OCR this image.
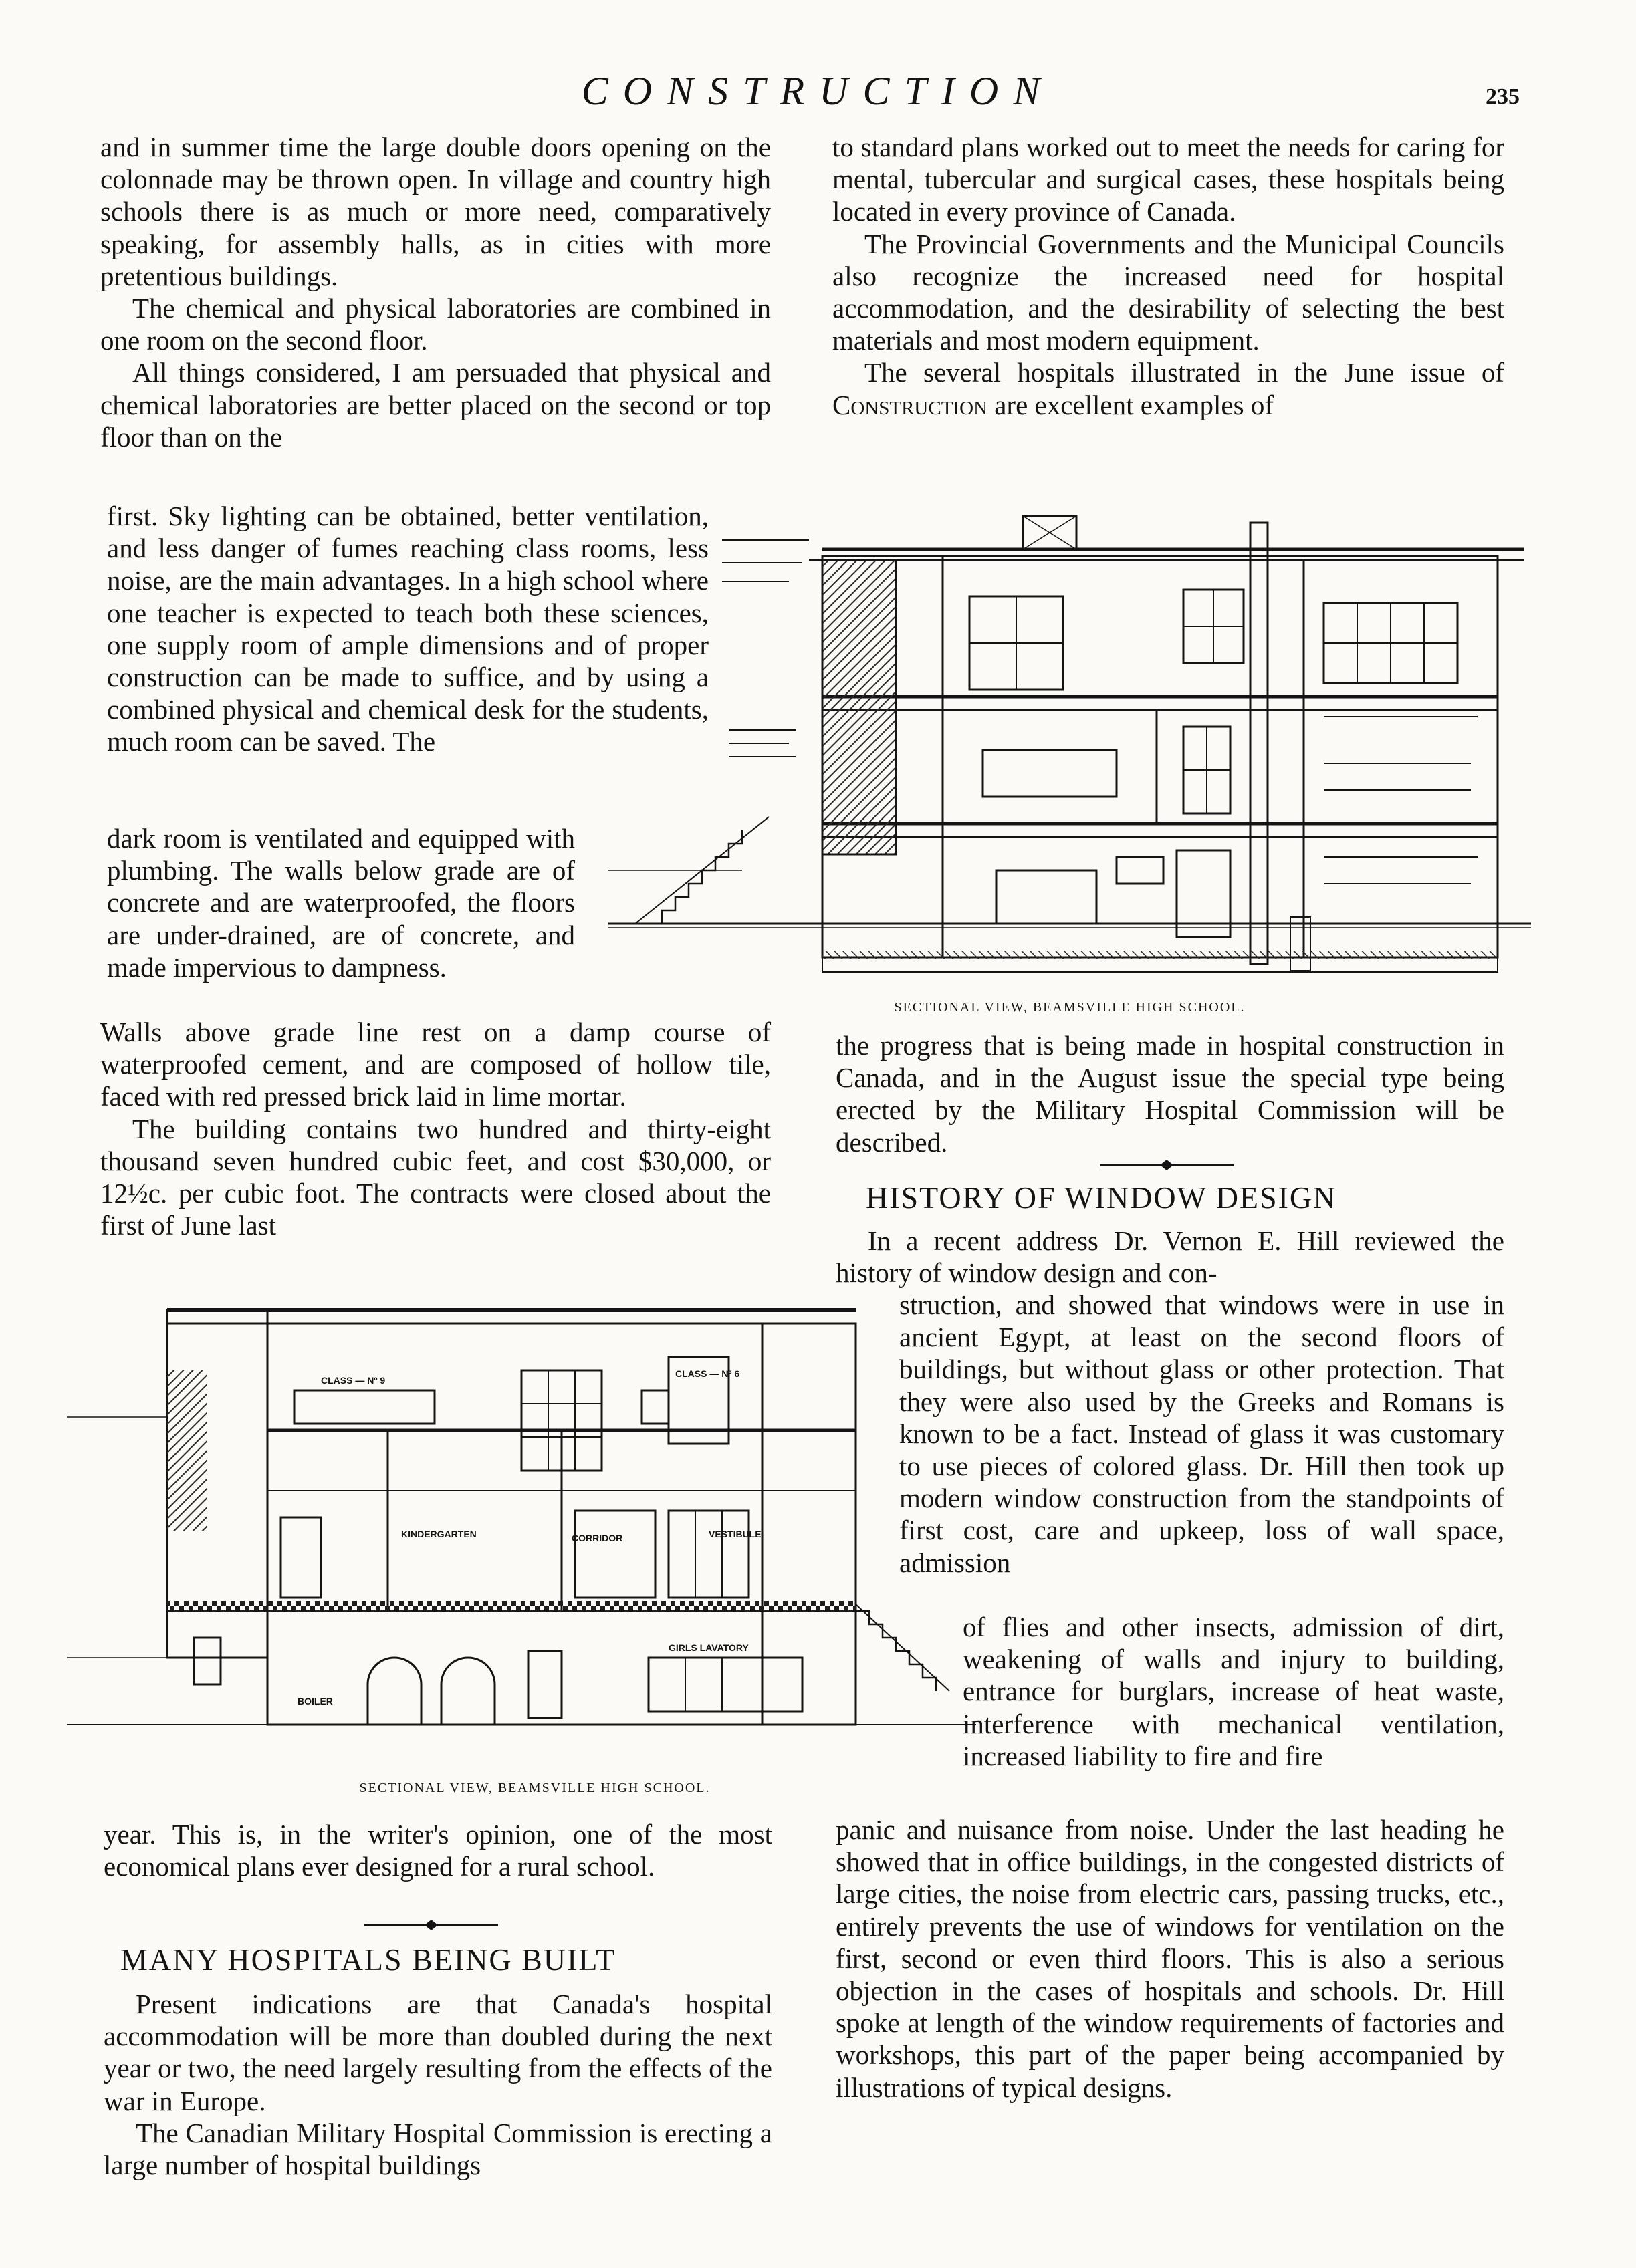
CONSTRUCTION	235

and in summer time the large double doors opening on the colonnade may be thrown open. In village and country high schools there is as much or more need, comparatively speaking, for assembly halls, as in cities with more pretentious buildings.

The chemical and physical laboratories are combined in one room on the second floor.

All things considered, I am persuaded that physical and chemical laboratories are better placed on the second or top floor than on the

first. Sky lighting can be obtained, better ventilation, and less danger of fumes reaching class rooms, less noise, are the main advantages. In a high school where one teacher is expected to teach both these sciences, one supply room of ample dimensions and of proper construction can be made to suffice, and by using a combined physical and chemical desk for the students, much room can be saved. The

dark room is ventilated and equipped with plumbing. The walls below grade are of concrete and are waterproofed, the floors are under-drained, are of concrete, and made impervious to dampness.

Walls above grade line rest on a damp course of waterproofed cement, and are composed of hollow tile, faced with red pressed brick laid in lime mortar.

The building contains two hundred and thirty-eight thousand seven hundred cubic feet, and cost $30,000, or 12½c. per cubic foot. The contracts were closed about the first of June last

SECTIONAL VIEW, BEAMSVILLE HIGH SCHOOL.
CLASS — Nº 9
CLASS — Nº 6
KINDERGARTEN	CORRIDOR	VESTIBULE
BOILER
GIRLS LAVATORY
SECTIONAL VIEW, BEAMSVILLE HIGH SCHOOL.

year. This is, in the writer's opinion, one of the most economical plans ever designed for a rural school.

MANY HOSPITALS BEING BUILT

Present indications are that Canada's hospital accommodation will be more than doubled during the next year or two, the need largely resulting from the effects of the war in Europe.

The Canadian Military Hospital Commission is erecting a large number of hospital buildings

to standard plans worked out to meet the needs for caring for mental, tubercular and surgical cases, these hospitals being located in every province of Canada.

The Provincial Governments and the Municipal Councils also recognize the increased need for hospital accommodation, and the desirability of selecting the best materials and most modern equipment.

The several hospitals illustrated in the June issue of Construction are excellent examples of

the progress that is being made in hospital construction in Canada, and in the August issue the special type being erected by the Military Hospital Commission will be described.

HISTORY OF WINDOW DESIGN

In a recent address Dr. Vernon E. Hill reviewed the history of window design and con-

struction, and showed that windows were in use in ancient Egypt, at least on the second floors of buildings, but without glass or other protection. That they were also used by the Greeks and Romans is known to be a fact. Instead of glass it was customary to use pieces of colored glass. Dr. Hill then took up modern window construction from the standpoints of first cost, care and upkeep, loss of wall space, admission

of flies and other insects, admission of dirt, weakening of walls and injury to building, entrance for burglars, increase of heat waste, interference with mechanical ventilation, increased liability to fire and fire

panic and nuisance from noise. Under the last heading he showed that in office buildings, in the congested districts of large cities, the noise from electric cars, passing trucks, etc., entirely prevents the use of windows for ventilation on the first, second or even third floors. This is also a serious objection in the cases of hospitals and schools. Dr. Hill spoke at length of the window requirements of factories and workshops, this part of the paper being accompanied by illustrations of typical designs.
